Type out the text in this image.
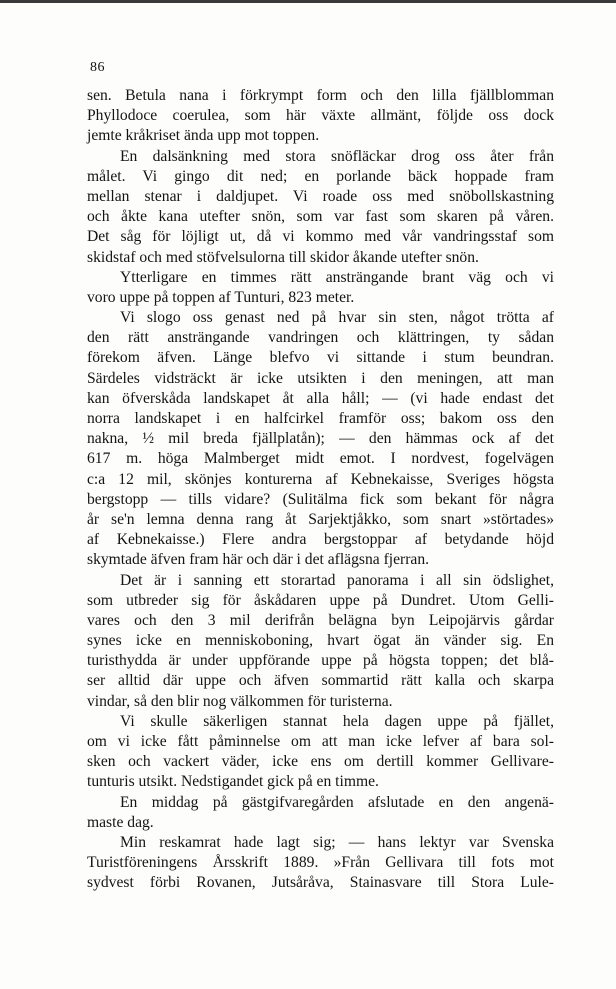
86
sen. Betula nana i förkrympt form och den lilla fjällblomman
Phyllodoce coerulea, som här växte allmänt, följde oss dock
jemte kråkriset ända upp mot toppen.
En dalsänkning med stora snöfläckar drog oss åter från
målet. Vi gingo dit ned; en porlande bäck hoppade fram
mellan stenar i daldjupet. Vi roade oss med snöbollskastning
och åkte kana utefter snön, som var fast som skaren på våren.
Det såg för löjligt ut, då vi kommo med vår vandringsstaf som
skidstaf och med stöfvelsulorna till skidor åkande utefter snön.
Ytterligare en timmes rätt ansträngande brant väg och vi
voro uppe på toppen af Tunturi, 823 meter.
Vi slogo oss genast ned på hvar sin sten, något trötta af
den rätt ansträngande vandringen och klättringen, ty sådan
förekom äfven. Länge blefvo vi sittande i stum beundran.
Särdeles vidsträckt är icke utsikten i den meningen, att man
kan öfverskåda landskapet åt alla håll; — (vi hade endast det
norra landskapet i en halfcirkel framför oss; bakom oss den
nakna, ½ mil breda fjällplatån); — den hämmas ock af det
617 m. höga Malmberget midt emot. I nordvest, fogelvägen
c:a 12 mil, skönjes konturerna af Kebnekaisse, Sveriges högsta
bergstopp — tills vidare? (Sulitälma fick som bekant för några
år se'n lemna denna rang åt Sarjektjåkko, som snart »störtades»
af Kebnekaisse.) Flere andra bergstoppar af betydande höjd
skymtade äfven fram här och där i det aflägsna fjerran.
Det är i sanning ett storartad panorama i all sin ödslighet,
som utbreder sig för åskådaren uppe på Dundret. Utom Gelli-
vares och den 3 mil derifrån belägna byn Leipojärvis gårdar
synes icke en menniskoboning, hvart ögat än vänder sig. En
turisthydda är under uppförande uppe på högsta toppen; det blå-
ser alltid där uppe och äfven sommartid rätt kalla och skarpa
vindar, så den blir nog välkommen för turisterna.
Vi skulle säkerligen stannat hela dagen uppe på fjället,
om vi icke fått påminnelse om att man icke lefver af bara sol-
sken och vackert väder, icke ens om dertill kommer Gellivare-
tunturis utsikt. Nedstigandet gick på en timme.
En middag på gästgifvaregården afslutade en den angenä-
maste dag.
Min reskamrat hade lagt sig; — hans lektyr var Svenska
Turistföreningens Årsskrift 1889. »Från Gellivara till fots mot
sydvest förbi Rovanen, Jutsåråva, Stainasvare till Stora Lule-
